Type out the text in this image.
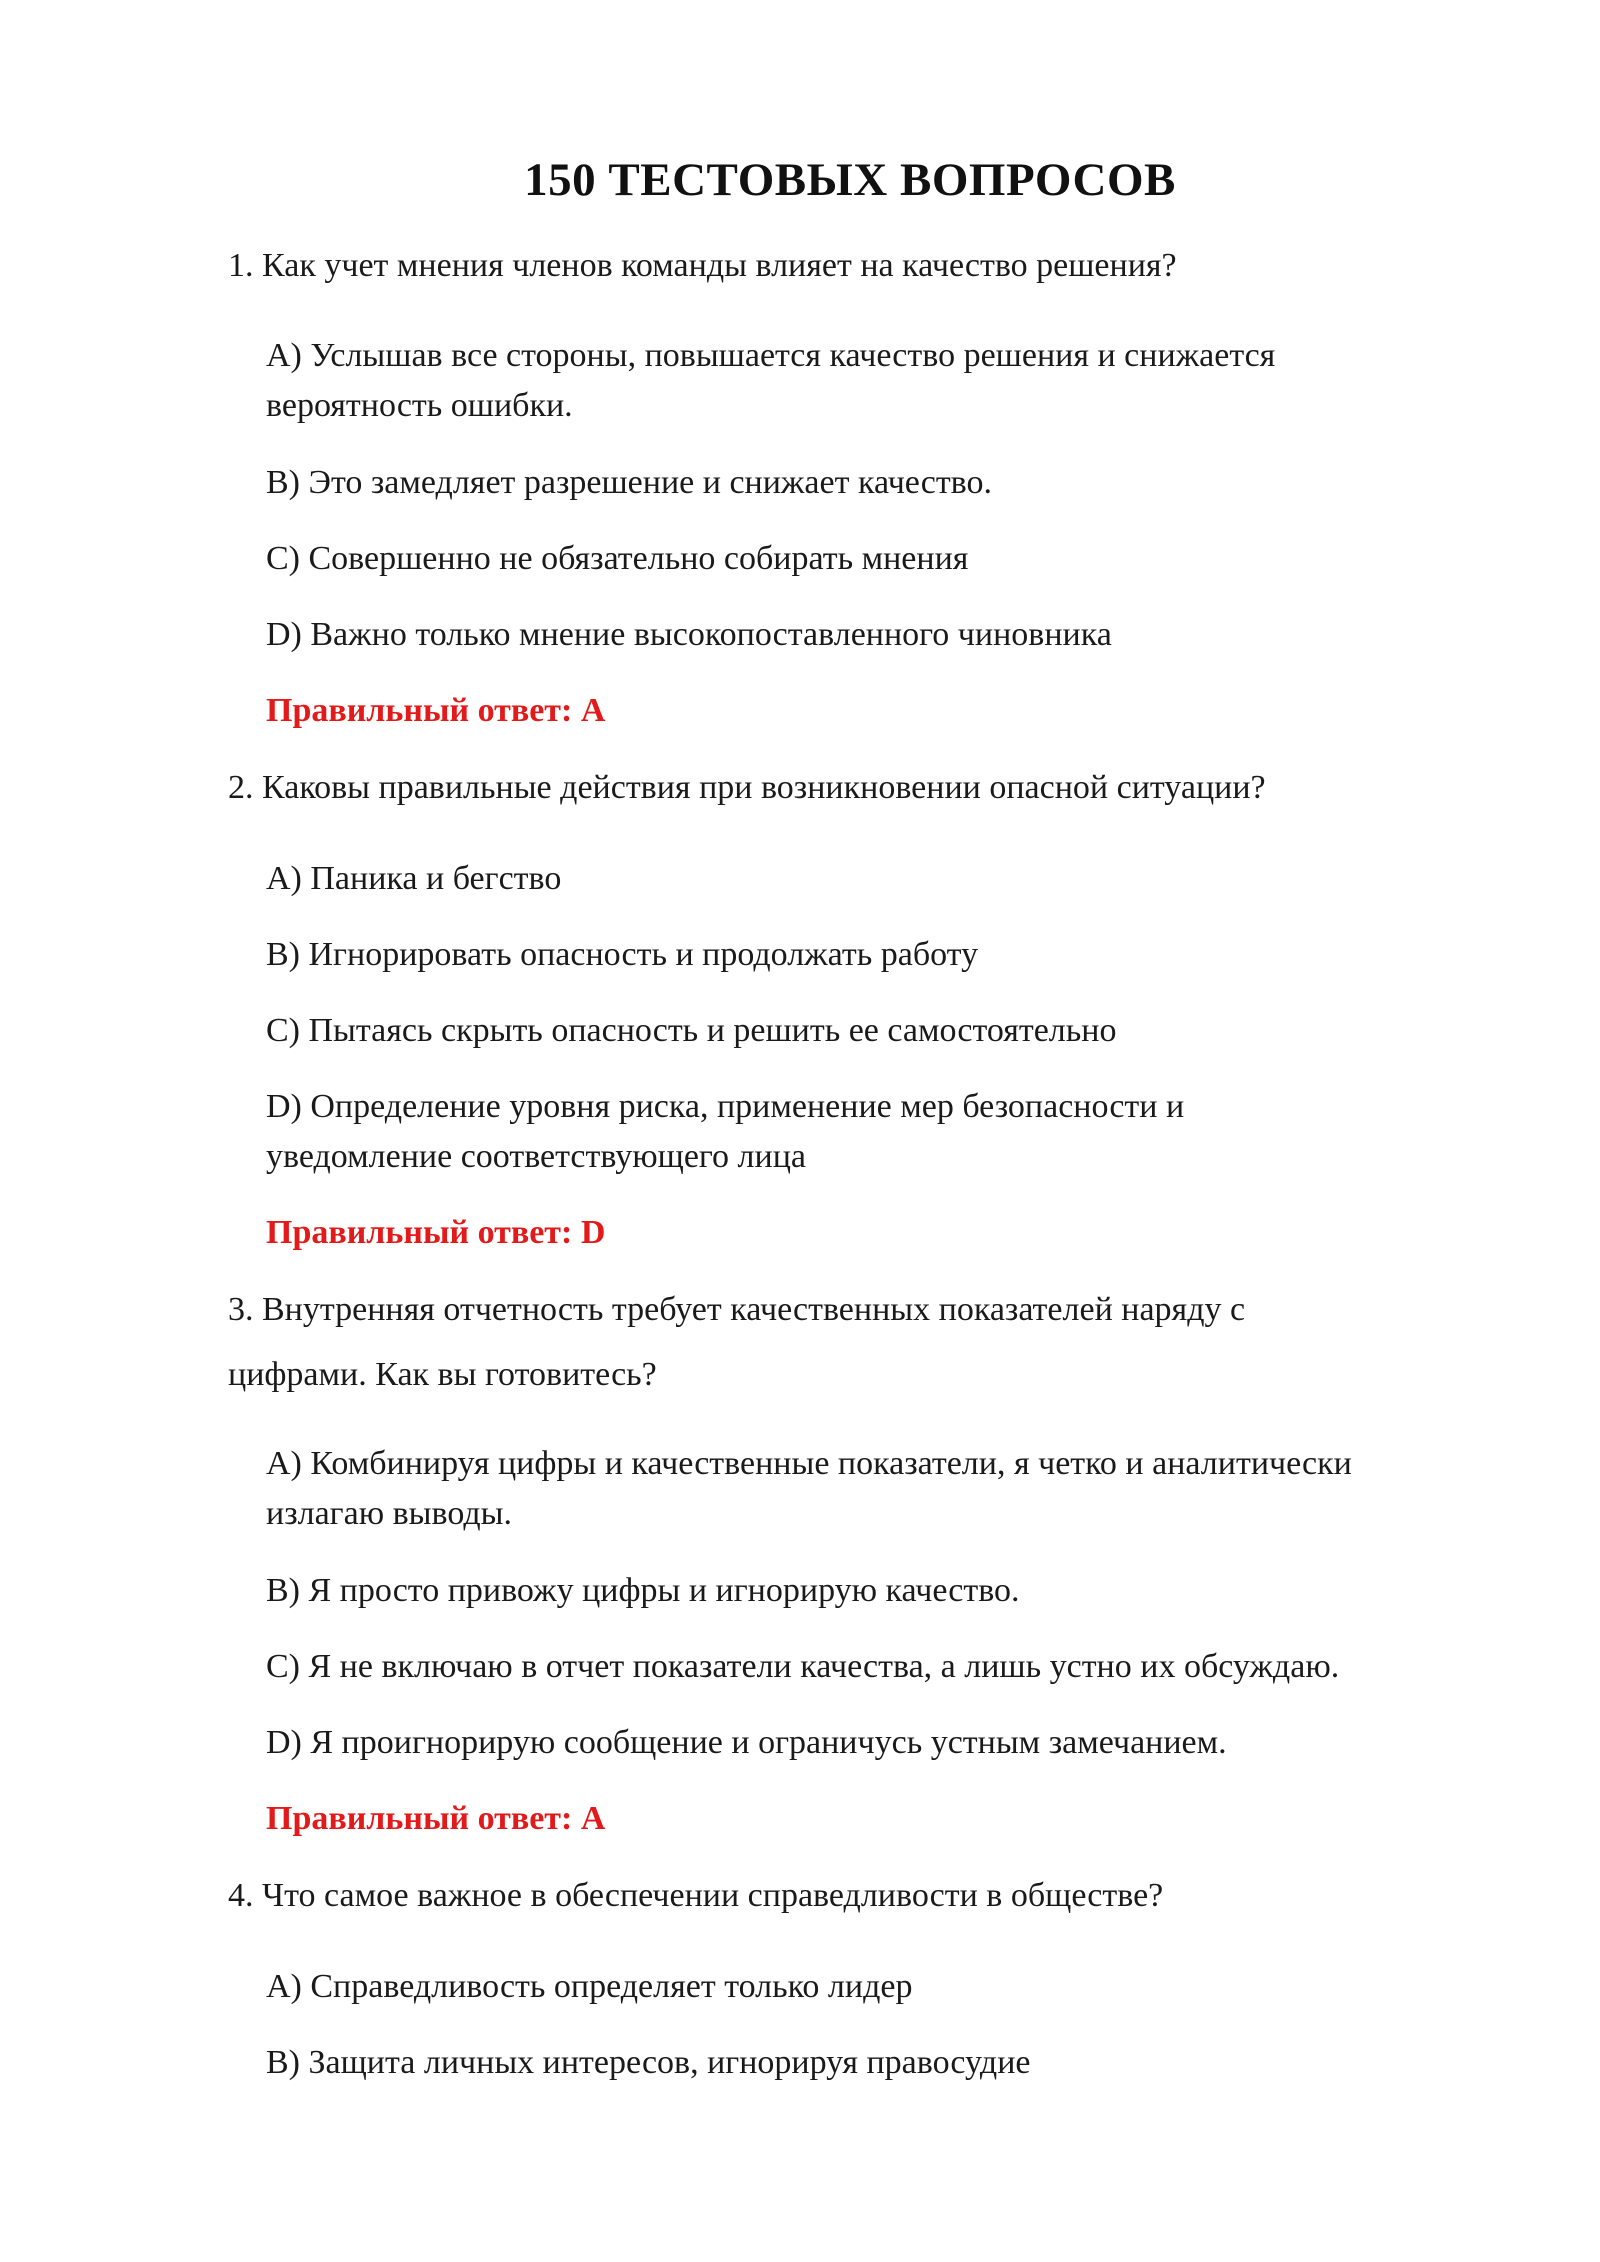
150 ТЕСТОВЫХ ВОПРОСОВ
1. Как учет мнения членов команды влияет на качество решения?
A) Услышав все стороны, повышается качество решения и снижается
вероятность ошибки.
B) Это замедляет разрешение и снижает качество.
C) Совершенно не обязательно собирать мнения
D) Важно только мнение высокопоставленного чиновника
Правильный ответ: A
2. Каковы правильные действия при возникновении опасной ситуации?
A) Паника и бегство
B) Игнорировать опасность и продолжать работу
C) Пытаясь скрыть опасность и решить ее самостоятельно
D) Определение уровня риска, применение мер безопасности и
уведомление соответствующего лица
Правильный ответ: D
3. Внутренняя отчетность требует качественных показателей наряду с
цифрами. Как вы готовитесь?
A) Комбинируя цифры и качественные показатели, я четко и аналитически
излагаю выводы.
B) Я просто привожу цифры и игнорирую качество.
C) Я не включаю в отчет показатели качества, а лишь устно их обсуждаю.
D) Я проигнорирую сообщение и ограничусь устным замечанием.
Правильный ответ: A
4. Что самое важное в обеспечении справедливости в обществе?
A) Справедливость определяет только лидер
B) Защита личных интересов, игнорируя правосудие
